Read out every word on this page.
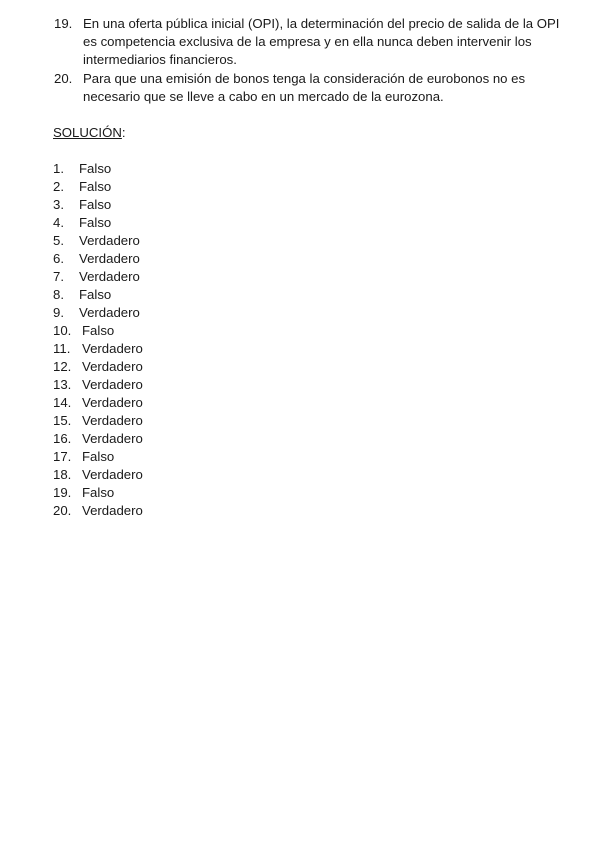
19. En una oferta pública inicial (OPI), la determinación del precio de salida de la OPI es competencia exclusiva de la empresa y en ella nunca deben intervenir los intermediarios financieros.
20. Para que una emisión de bonos tenga la consideración de eurobonos no es necesario que se lleve a cabo en un mercado de la eurozona.
SOLUCIÓN:
1.	Falso
2.	Falso
3.	Falso
4.	Falso
5.	Verdadero
6.	Verdadero
7.	Verdadero
8.	Falso
9.	Verdadero
10. Falso
11. Verdadero
12. Verdadero
13. Verdadero
14. Verdadero
15. Verdadero
16. Verdadero
17. Falso
18. Verdadero
19. Falso
20. Verdadero
